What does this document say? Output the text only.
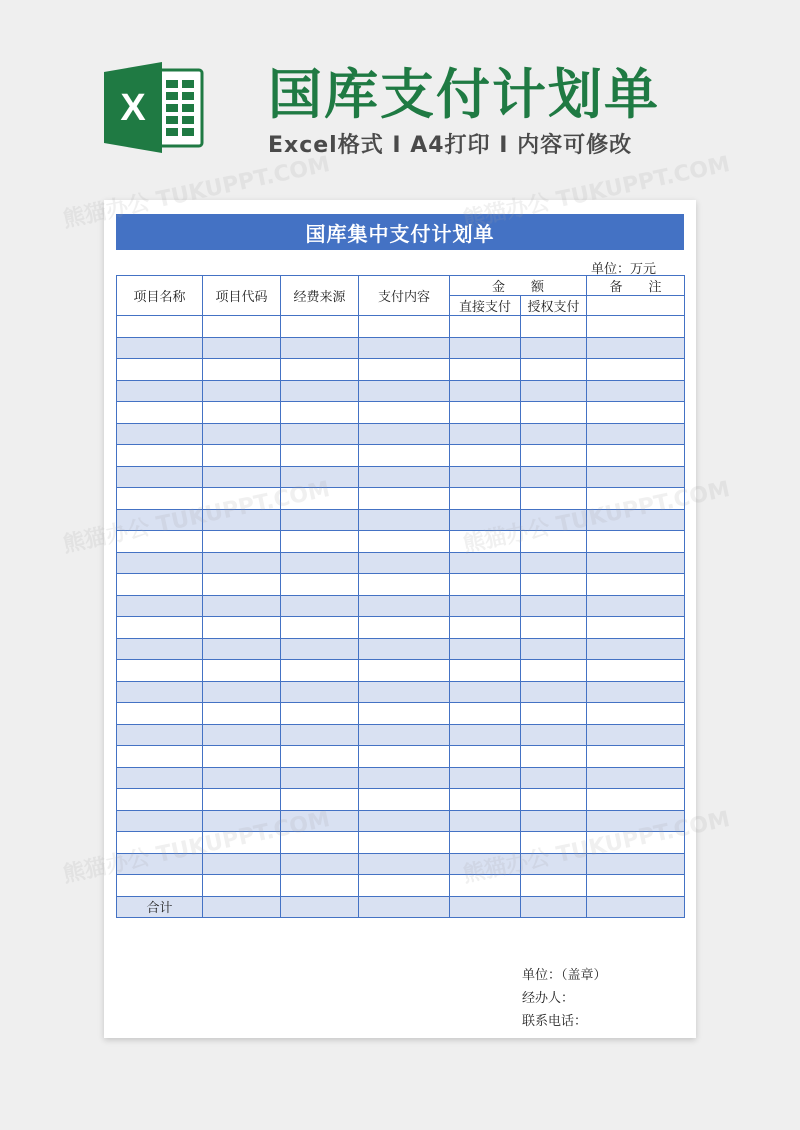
X 国库支付计划单
Excel格式 I A4打印 I 内容可修改
国库集中支付计划单
单位：万元
项目名称	项目代码	经费来源	支付内容	金　　额		备　　注
				直接支付	授权支付	

合计						
单位：（盖章）
经办人：
联系电话：
熊猫办公 TUKUPPT.COM	熊猫办公 TUKUPPT.COM
